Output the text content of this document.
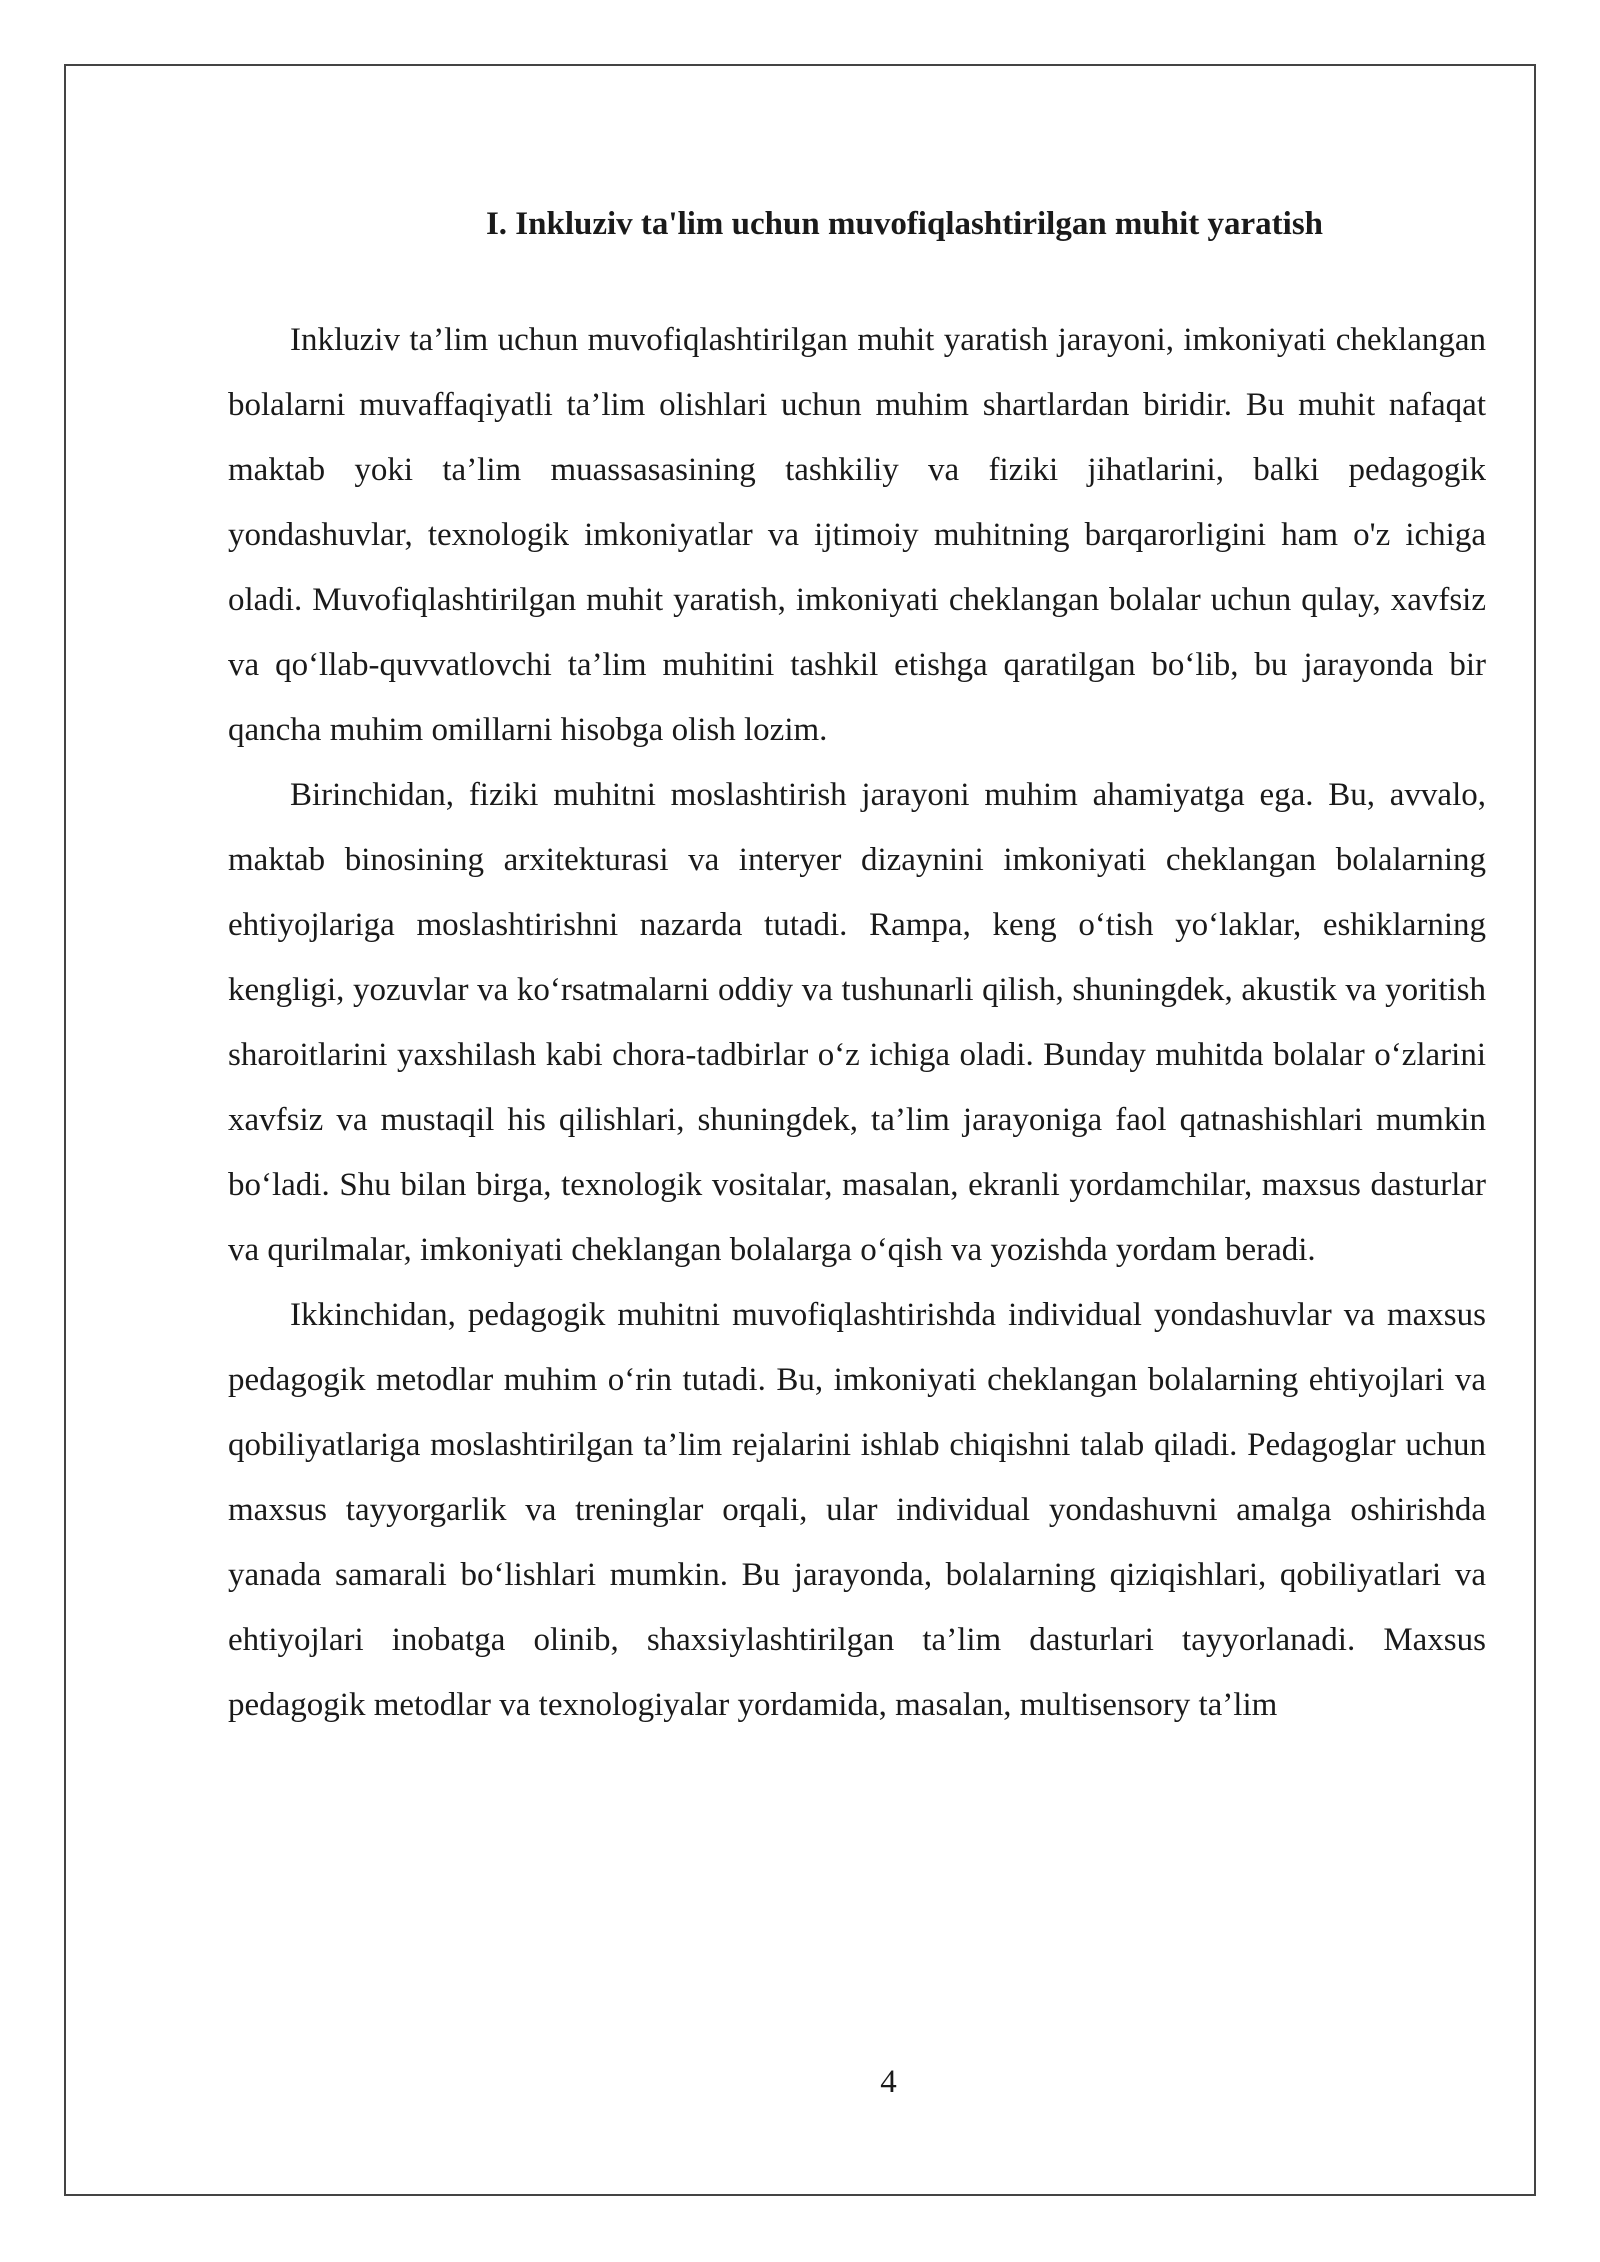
I. Inkluziv ta'lim uchun muvofiqlashtirilgan muhit yaratish

Inkluziv ta’lim uchun muvofiqlashtirilgan muhit yaratish jarayoni, imkoniyati cheklangan bolalarni muvaffaqiyatli ta’lim olishlari uchun muhim shartlardan biridir. Bu muhit nafaqat maktab yoki ta’lim muassasasining tashkiliy va fiziki jihatlarini, balki pedagogik yondashuvlar, texnologik imkoniyatlar va ijtimoiy muhitning barqarorligini ham o'z ichiga oladi. Muvofiqlashtirilgan muhit yaratish, imkoniyati cheklangan bolalar uchun qulay, xavfsiz va qo‘llab-quvvatlovchi ta’lim muhitini tashkil etishga qaratilgan bo‘lib, bu jarayonda bir qancha muhim omillarni hisobga olish lozim.

Birinchidan, fiziki muhitni moslashtirish jarayoni muhim ahamiyatga ega. Bu, avvalo, maktab binosining arxitekturasi va interyer dizaynini imkoniyati cheklangan bolalarning ehtiyojlariga moslashtirishni nazarda tutadi. Rampa, keng o‘tish yo‘laklar, eshiklarning kengligi, yozuvlar va ko‘rsatmalarni oddiy va tushunarli qilish, shuningdek, akustik va yoritish sharoitlarini yaxshilash kabi chora-tadbirlar o‘z ichiga oladi. Bunday muhitda bolalar o‘zlarini xavfsiz va mustaqil his qilishlari, shuningdek, ta’lim jarayoniga faol qatnashishlari mumkin bo‘ladi. Shu bilan birga, texnologik vositalar, masalan, ekranli yordamchilar, maxsus dasturlar va qurilmalar, imkoniyati cheklangan bolalarga o‘qish va yozishda yordam beradi.

Ikkinchidan, pedagogik muhitni muvofiqlashtirishda individual yondashuvlar va maxsus pedagogik metodlar muhim o‘rin tutadi. Bu, imkoniyati cheklangan bolalarning ehtiyojlari va qobiliyatlariga moslashtirilgan ta’lim rejalarini ishlab chiqishni talab qiladi. Pedagoglar uchun maxsus tayyorgarlik va treninglar orqali, ular individual yondashuvni amalga oshirishda yanada samarali bo‘lishlari mumkin. Bu jarayonda, bolalarning qiziqishlari, qobiliyatlari va ehtiyojlari inobatga olinib, shaxsiylashtirilgan ta’lim dasturlari tayyorlanadi. Maxsus pedagogik metodlar va texnologiyalar yordamida, masalan, multisensory ta’lim

4
